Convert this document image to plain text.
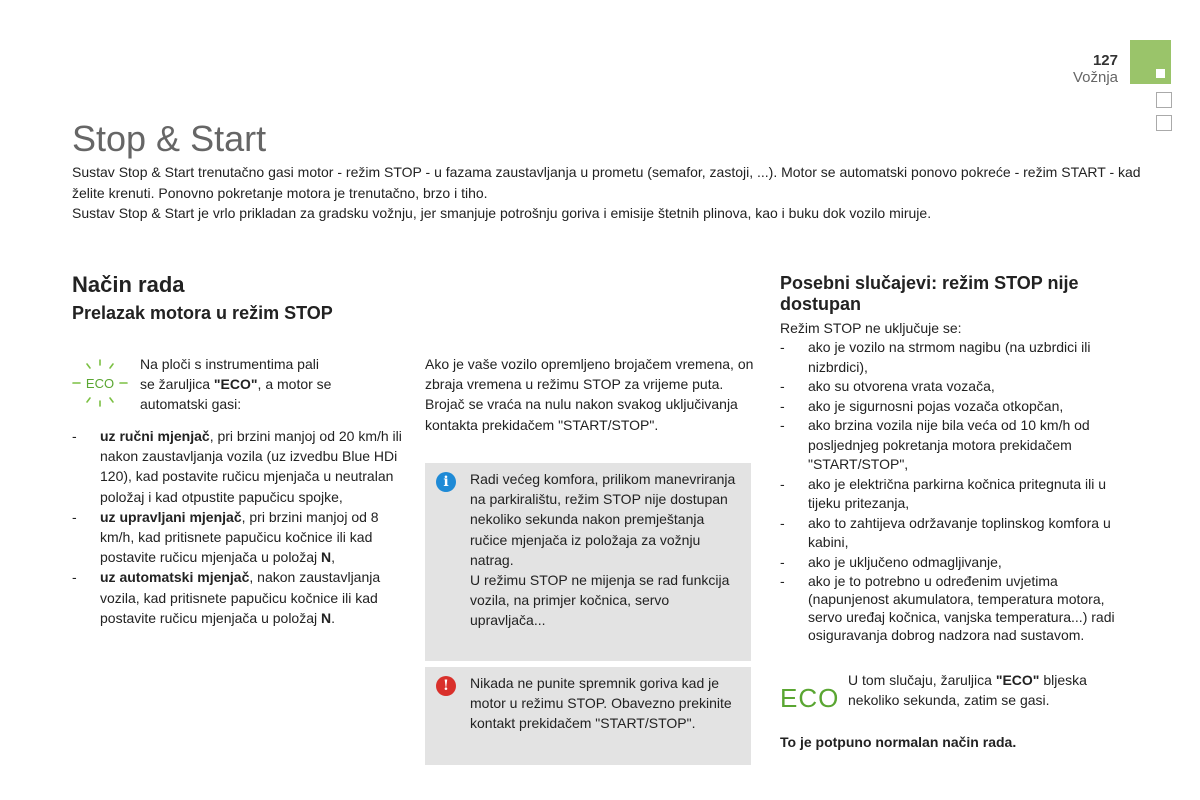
127
Vožnja
Stop & Start

Sustav Stop & Start trenutačno gasi motor - režim STOP - u fazama zaustavljanja u prometu (semafor, zastoji, ...). Motor se automatski ponovo pokreće - režim START - kad želite krenuti. Ponovno pokretanje motora je trenutačno, brzo i tiho.

Sustav Stop & Start je vrlo prikladan za gradsku vožnju, jer smanjuje potrošnju goriva i emisije štetnih plinova, kao i buku dok vozilo miruje.

Način rada
Prelazak motora u režim STOP
ECO
Na ploči s instrumentima pali
se žaruljica "ECO", a motor se
automatski gasi:
- uz ručni mjenjač, pri brzini manjoj od 20 km/h ili nakon zaustavljanja vozila (uz izvedbu Blue HDi 120), kad postavite ručicu mjenjača u neutralan položaj i kad otpustite papučicu spojke,
- uz upravljani mjenjač, pri brzini manjoj od 8 km/h, kad pritisnete papučicu kočnice ili kad postavite ručicu mjenjača u položaj N,
- uz automatski mjenjač, nakon zaustavljanja vozila, kad pritisnete papučicu kočnice ili kad postavite ručicu mjenjača u položaj N.
Ako je vaše vozilo opremljeno brojačem vremena, on zbraja vremena u režimu STOP za vrijeme puta. Brojač se vraća na nulu nakon svakog uključivanja kontakta prekidačem "START/STOP".
i	Radi većeg komfora, prilikom manevriranja na parkiralištu, režim STOP nije dostupan nekoliko sekunda nakon premještanja ručice mjenjača iz položaja za vožnju natrag.
U režimu STOP ne mijenja se rad funkcija vozila, na primjer kočnica, servo upravljača...
!	Nikada ne punite spremnik goriva kad je motor u režimu STOP. Obavezno prekinite kontakt prekidačem "START/STOP".
Posebni slučajevi: režim STOP nije dostupan
Režim STOP ne uključuje se:
- ako je vozilo na strmom nagibu (na uzbrdici ili nizbrdici),
- ako su otvorena vrata vozača,
- ako je sigurnosni pojas vozača otkopčan,
- ako brzina vozila nije bila veća od 10 km/h od posljednjeg pokretanja motora prekidačem "START/STOP",
- ako je električna parkirna kočnica pritegnuta ili u tijeku pritezanja,
- ako to zahtijeva održavanje toplinskog komfora u kabini,
- ako je uključeno odmagljivanje,
- ako je to potrebno u određenim uvjetima (napunjenost akumulatora, temperatura motora, servo uređaj kočnica, vanjska temperatura...) radi osiguravanja dobrog nadzora nad sustavom.
ECO
U tom slučaju, žaruljica "ECO" bljeska nekoliko sekunda, zatim se gasi.
To je potpuno normalan način rada.
